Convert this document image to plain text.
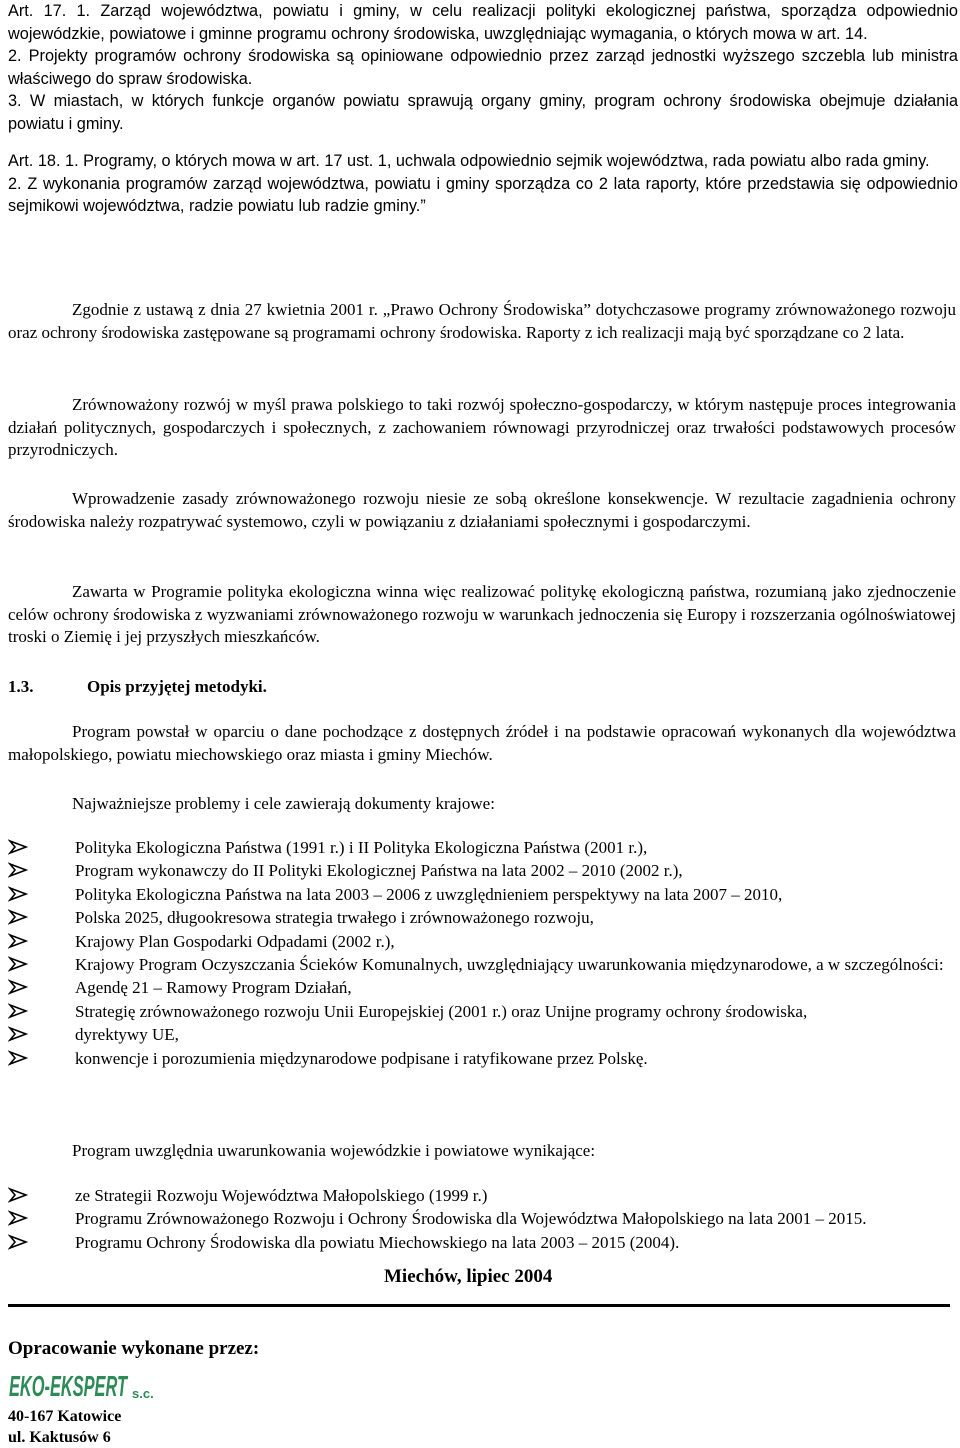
Art. 17. 1. Zarząd województwa, powiatu i gminy, w celu realizacji polityki ekologicznej państwa, sporządza odpowiednio wojewódzkie, powiatowe i gminne programu ochrony środowiska, uwzględniając wymagania, o których mowa w art. 14.

2. Projekty programów ochrony środowiska są opiniowane odpowiednio przez zarząd jednostki wyższego szczebla lub ministra właściwego do spraw środowiska.

3. W miastach, w których funkcje organów powiatu sprawują organy gminy, program ochrony środowiska obejmuje działania powiatu i gminy.

Art. 18. 1. Programy, o których mowa w art. 17 ust. 1, uchwala odpowiednio sejmik województwa, rada powiatu albo rada gminy.

2. Z wykonania programów zarząd województwa, powiatu i gminy sporządza co 2 lata raporty, które przedstawia się odpowiednio sejmikowi województwa, radzie powiatu lub radzie gminy.”

Zgodnie z ustawą z dnia 27 kwietnia 2001 r. „Prawo Ochrony Środowiska” dotychczasowe programy zrównoważonego rozwoju oraz ochrony środowiska zastępowane są programami ochrony środowiska. Raporty z ich realizacji mają być sporządzane co 2 lata.

Zrównoważony rozwój w myśl prawa polskiego to taki rozwój społeczno-gospodarczy, w którym następuje proces integrowania działań politycznych, gospodarczych i społecznych, z zachowaniem równowagi przyrodniczej oraz trwałości podstawowych procesów przyrodniczych.

Wprowadzenie zasady zrównoważonego rozwoju niesie ze sobą określone konsekwencje. W rezultacie zagadnienia ochrony środowiska należy rozpatrywać systemowo, czyli w powiązaniu z działaniami społecznymi i gospodarczymi.

Zawarta w Programie polityka ekologiczna winna więc realizować politykę ekologiczną państwa, rozumianą jako zjednoczenie celów ochrony środowiska z wyzwaniami zrównoważonego rozwoju w warunkach jednoczenia się Europy i rozszerzania ogólnoświatowej troski o Ziemię i jej przyszłych mieszkańców.

1.3.	Opis przyjętej metodyki.

Program powstał w oparciu o dane pochodzące z dostępnych źródeł i na podstawie opracowań wykonanych dla województwa małopolskiego, powiatu miechowskiego oraz miasta i gminy Miechów.

Najważniejsze problemy i cele zawierają dokumenty krajowe:

Polityka Ekologiczna Państwa (1991 r.) i II Polityka Ekologiczna Państwa (2001 r.),
Program wykonawczy do II Polityki Ekologicznej Państwa na lata 2002 – 2010 (2002 r.),
Polityka Ekologiczna Państwa na lata 2003 – 2006 z uwzględnieniem perspektywy na lata 2007 – 2010,
Polska 2025, długookresowa strategia trwałego i zrównoważonego rozwoju,
Krajowy Plan Gospodarki Odpadami (2002 r.),
Krajowy Program Oczyszczania Ścieków Komunalnych, uwzględniający uwarunkowania międzynarodowe, a w szczególności:
Agendę 21 – Ramowy Program Działań,
Strategię zrównoważonego rozwoju Unii Europejskiej (2001 r.) oraz Unijne programy ochrony środowiska,
dyrektywy UE,
konwencje i porozumienia międzynarodowe podpisane i ratyfikowane przez Polskę.

Program uwzględnia uwarunkowania wojewódzkie i powiatowe wynikające:

ze Strategii Rozwoju Województwa Małopolskiego (1999 r.)
Programu Zrównoważonego Rozwoju i Ochrony Środowiska dla Województwa Małopolskiego na lata 2001 – 2015.
Programu Ochrony Środowiska dla powiatu Miechowskiego na lata 2003 – 2015 (2004).
Miechów, lipiec 2004
Opracowanie wykonane przez:
EKO-EKSPERT s.c.
40-167 Katowice
ul. Kaktusów 6
